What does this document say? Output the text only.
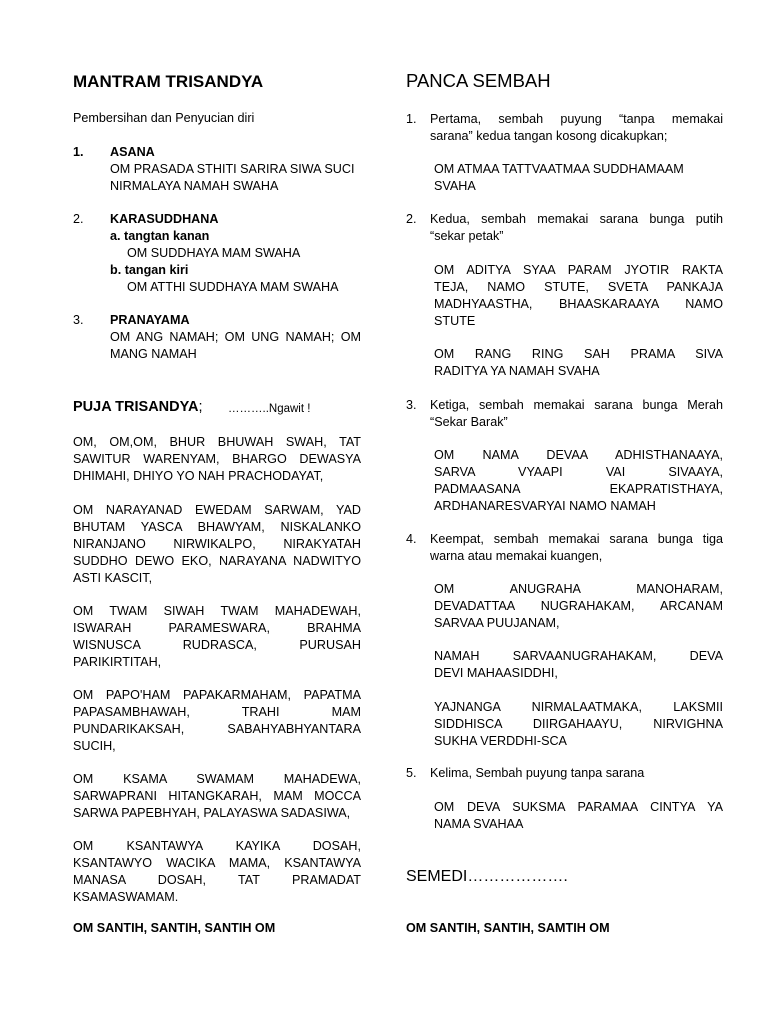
MANTRAM TRISANDYA
Pembersihan dan Penyucian diri
1. ASANA
OM PRASADA STHITI SARIRA SIWA SUCI
NIRMALAYA NAMAH SWAHA
2. KARASUDDHANA
a. tangtan kanan
OM SUDDHAYA MAM SWAHA
b. tangan kiri
OM ATTHI SUDDHAYA MAM SWAHA
3. PRANAYAMA
OM ANG NAMAH; OM UNG NAMAH; OM
MANG NAMAH
PUJA TRISANDYA; ………..Ngawit !
OM, OM,OM, BHUR BHUWAH SWAH, TAT
SAWITUR WARENYAM, BHARGO DEWASYA
DHIMAHI, DHIYO YO NAH PRACHODAYAT,
OM NARAYANAD EWEDAM SARWAM, YAD
BHUTAM YASCA BHAWYAM, NISKALANKO
NIRANJANO NIRWIKALPO, NIRAKYATAH
SUDDHO DEWO EKO, NARAYANA NADWITYO
ASTI KASCIT,
OM TWAM SIWAH TWAM MAHADEWAH,
ISWARAH PARAMESWARA, BRAHMA
WISNUSCA RUDRASCA, PURUSAH
PARIKIRTITAH,
OM PAPO'HAM PAPAKARMAHAM, PAPATMA
PAPASAMBHAWAH, TRAHI MAM
PUNDARIKAKSAH, SABAHYABHYANTARA
SUCIH,
OM KSAMA SWAMAM MAHADEWA,
SARWAPRANI HITANGKARAH, MAM MOCCA
SARWA PAPEBHYAH, PALAYASWA SADASIWA,
OM KSANTAWYA KAYIKA DOSAH,
KSANTAWYO WACIKA MAMA, KSANTAWYA
MANASA DOSAH, TAT PRAMADAT
KSAMASWAMAM.
OM SANTIH, SANTIH, SANTIH OM
PANCA SEMBAH
1. Pertama, sembah puyung “tanpa memakai
sarana” kedua tangan kosong dicakupkan;
OM ATMAA TATTVAATMAA SUDDHAMAAM
SVAHA
2. Kedua, sembah memakai sarana bunga putih
“sekar petak”
OM ADITYA SYAA PARAM JYOTIR RAKTA
TEJA, NAMO STUTE, SVETA PANKAJA
MADHYAASTHA, BHAASKARAAYA NAMO
STUTE
OM RANG RING SAH PRAMA SIVA
RADITYA YA NAMAH SVAHA
3. Ketiga, sembah memakai sarana bunga Merah
“Sekar Barak”
OM NAMA DEVAA ADHISTHANAAYA,
SARVA VYAAPI VAI SIVAAYA,
PADMAASANA EKAPRATISTHAYA,
ARDHANARESVARYAI NAMO NAMAH
4. Keempat, sembah memakai sarana bunga tiga
warna atau memakai kuangen,
OM ANUGRAHA MANOHARAM,
DEVADATTAA NUGRAHAKAM, ARCANAM
SARVAA PUUJANAM,
NAMAH SARVAANUGRAHAKAM, DEVA
DEVI MAHAASIDDHI,
YAJNANGA NIRMALAATMAKA, LAKSMII
SIDDHISCA DIIRGAHAAYU, NIRVIGHNA
SUKHA VERDDHI-SCA
5. Kelima, Sembah puyung tanpa sarana
OM DEVA SUKSMA PARAMAA CINTYA YA
NAMA SVAHAA
SEMEDI……………….
OM SANTIH, SANTIH, SAMTIH OM
